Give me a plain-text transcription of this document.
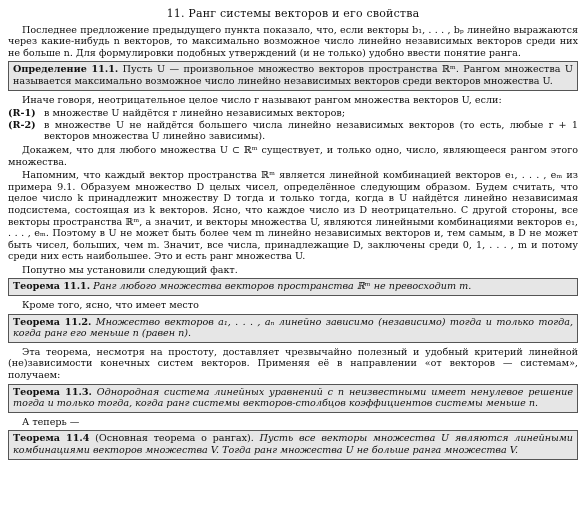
11. Ранг системы векторов и его свойства

Последнее предложение предыдущего пункта показало, что, если векторы b₁, . . . , bₚ линейно выражаются через какие-нибудь n векторов, то максимально возможное число линейно независимых векторов среди них не больше n. Для формулировки подобных утверждений (и не только) удобно ввести понятие ранга.

Определение 11.1. Пусть U — произвольное множество векторов пространства ℝᵐ. Рангом множества U называется максимально возможное число линейно независимых векторов среди векторов множества U.

Иначе говоря, неотрицательное целое число r называют рангом множества векторов U, если:

(R-1) в множестве U найдётся r линейно независимых векторов;
(R-2) в множестве U не найдётся большего числа линейно независимых векторов (то есть, любые r + 1 векторов множества U линейно зависимы).

Докажем, что для любого множества U ⊂ ℝᵐ существует, и только одно, число, являющееся рангом этого множества.

Напомним, что каждый вектор пространства ℝᵐ является линейной комбинацией векторов e₁, . . . , eₘ из примера 9.1. Образуем множество D целых чисел, определённое следующим образом. Будем считать, что целое число k принадлежит множеству D тогда и только тогда, когда в U найдётся линейно независимая подсистема, состоящая из k векторов. Ясно, что каждое число из D неотрицательно. С другой стороны, все векторы пространства ℝᵐ, а значит, и векторы множества U, являются линейными комбинациями векторов e₁, . . . , eₘ. Поэтому в U не может быть более чем m линейно независимых векторов и, тем самым, в D не может быть чисел, больших, чем m. Значит, все числа, принадлежащие D, заключены среди 0, 1, . . . , m и потому среди них есть наибольшее. Это и есть ранг множества U.

Попутно мы установили следующий факт.

Теорема 11.1. Ранг любого множества векторов пространства ℝᵐ не превосходит m.

Кроме того, ясно, что имеет место

Теорема 11.2. Множество векторов a₁, . . . , aₙ линейно зависимо (независимо) тогда и только тогда, когда ранг его меньше n (равен n).

Эта теорема, несмотря на простоту, доставляет чрезвычайно полезный и удобный критерий линейной (не)зависимости конечных систем векторов. Применяя её в направлении «от векторов — системам», получаем:

Теорема 11.3. Однородная система линейных уравнений с n неизвестными имеет ненулевое решение тогда и только тогда, когда ранг системы векторов-столбцов коэффициентов системы меньше n.

А теперь —

Теорема 11.4 (Основная теорема о рангах). Пусть все векторы множества U являются линейными комбинациями векторов множества V. Тогда ранг множества U не больше ранга множества V.
